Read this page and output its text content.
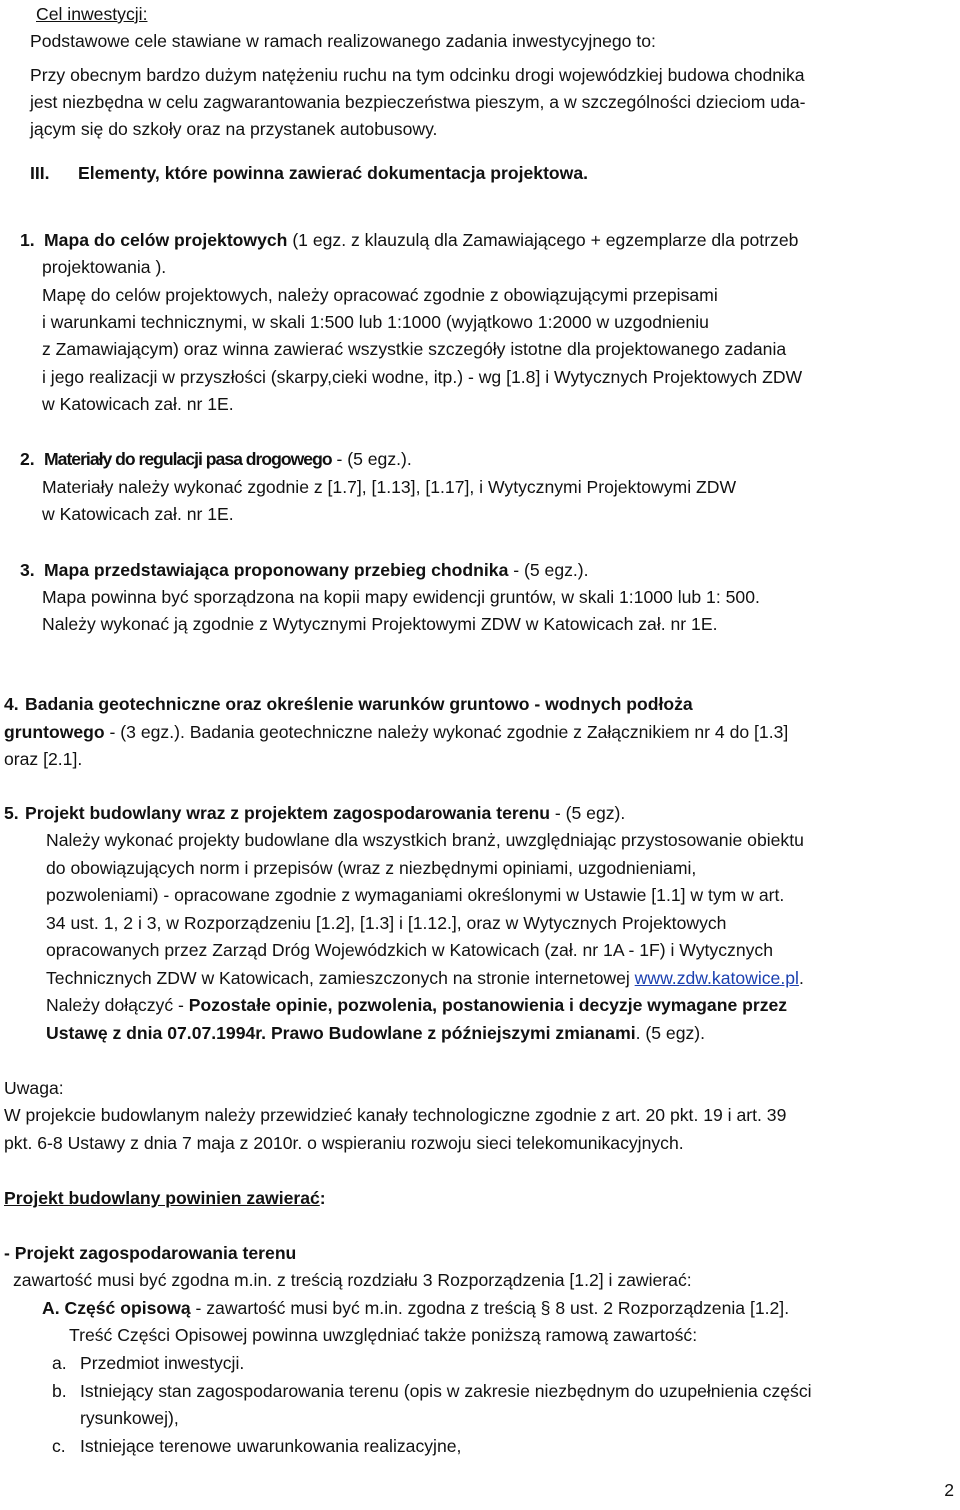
Cel inwestycji:
Podstawowe cele stawiane w ramach realizowanego zadania inwestycyjnego to:
Przy obecnym bardzo dużym natężeniu ruchu na tym odcinku drogi wojewódzkiej budowa chodnika
jest niezbędna w celu zagwarantowania bezpieczeństwa pieszym, a w szczególności dzieciom uda-
jącym się do szkoły oraz na przystanek autobusowy.
III. Elementy, które powinna zawierać dokumentacja projektowa.
1. Mapa do celów projektowych (1 egz. z klauzulą dla Zamawiającego + egzemplarze dla potrzeb
projektowania ).
Mapę do celów projektowych, należy opracować zgodnie z obowiązującymi przepisami
i warunkami technicznymi, w skali 1:500 lub 1:1000 (wyjątkowo 1:2000 w uzgodnieniu
z Zamawiającym) oraz winna zawierać wszystkie szczegóły istotne dla projektowanego zadania
i jego realizacji w przyszłości (skarpy,cieki wodne, itp.) - wg [1.8] i Wytycznych Projektowych ZDW
w Katowicach zał. nr 1E.
2. Materiały do regulacji pasa drogowego - (5 egz.).
Materiały należy wykonać zgodnie z [1.7], [1.13], [1.17], i Wytycznymi Projektowymi ZDW
w Katowicach zał. nr 1E.
3. Mapa przedstawiająca proponowany przebieg chodnika - (5 egz.).
Mapa powinna być sporządzona na kopii mapy ewidencji gruntów, w skali 1:1000 lub 1: 500.
Należy wykonać ją zgodnie z Wytycznymi Projektowymi ZDW w Katowicach zał. nr 1E.
4. Badania geotechniczne oraz określenie warunków gruntowo - wodnych podłoża
gruntowego - (3 egz.). Badania geotechniczne należy wykonać zgodnie z Załącznikiem nr 4 do [1.3]
oraz [2.1].
5. Projekt budowlany wraz z projektem zagospodarowania terenu - (5 egz).
Należy wykonać projekty budowlane dla wszystkich branż, uwzględniając przystosowanie obiektu
do obowiązujących norm i przepisów (wraz z niezbędnymi opiniami, uzgodnieniami,
pozwoleniami) - opracowane zgodnie z wymaganiami określonymi w Ustawie [1.1] w tym w art.
34 ust. 1, 2 i 3, w Rozporządzeniu [1.2], [1.3] i [1.12.], oraz w Wytycznych Projektowych
opracowanych przez Zarząd Dróg Wojewódzkich w Katowicach (zał. nr 1A - 1F) i Wytycznych
Technicznych ZDW w Katowicach, zamieszczonych na stronie internetowej www.zdw.katowice.pl.
Należy dołączyć - Pozostałe opinie, pozwolenia, postanowienia i decyzje wymagane przez
Ustawę z dnia 07.07.1994r. Prawo Budowlane z późniejszymi zmianami. (5 egz).
Uwaga:
W projekcie budowlanym należy przewidzieć kanały technologiczne zgodnie z art. 20 pkt. 19 i art. 39
pkt. 6-8 Ustawy z dnia 7 maja z 2010r. o wspieraniu rozwoju sieci telekomunikacyjnych.
Projekt budowlany powinien zawierać:
- Projekt zagospodarowania terenu
zawartość musi być zgodna m.in. z treścią rozdziału 3 Rozporządzenia [1.2] i zawierać:
A. Część opisową - zawartość musi być m.in. zgodna z treścią § 8 ust. 2 Rozporządzenia [1.2].
Treść Części Opisowej powinna uwzględniać także poniższą ramową zawartość:
a. Przedmiot inwestycji.
b. Istniejący stan zagospodarowania terenu (opis w zakresie niezbędnym do uzupełnienia części
rysunkowej),
c. Istniejące terenowe uwarunkowania realizacyjne,
2
